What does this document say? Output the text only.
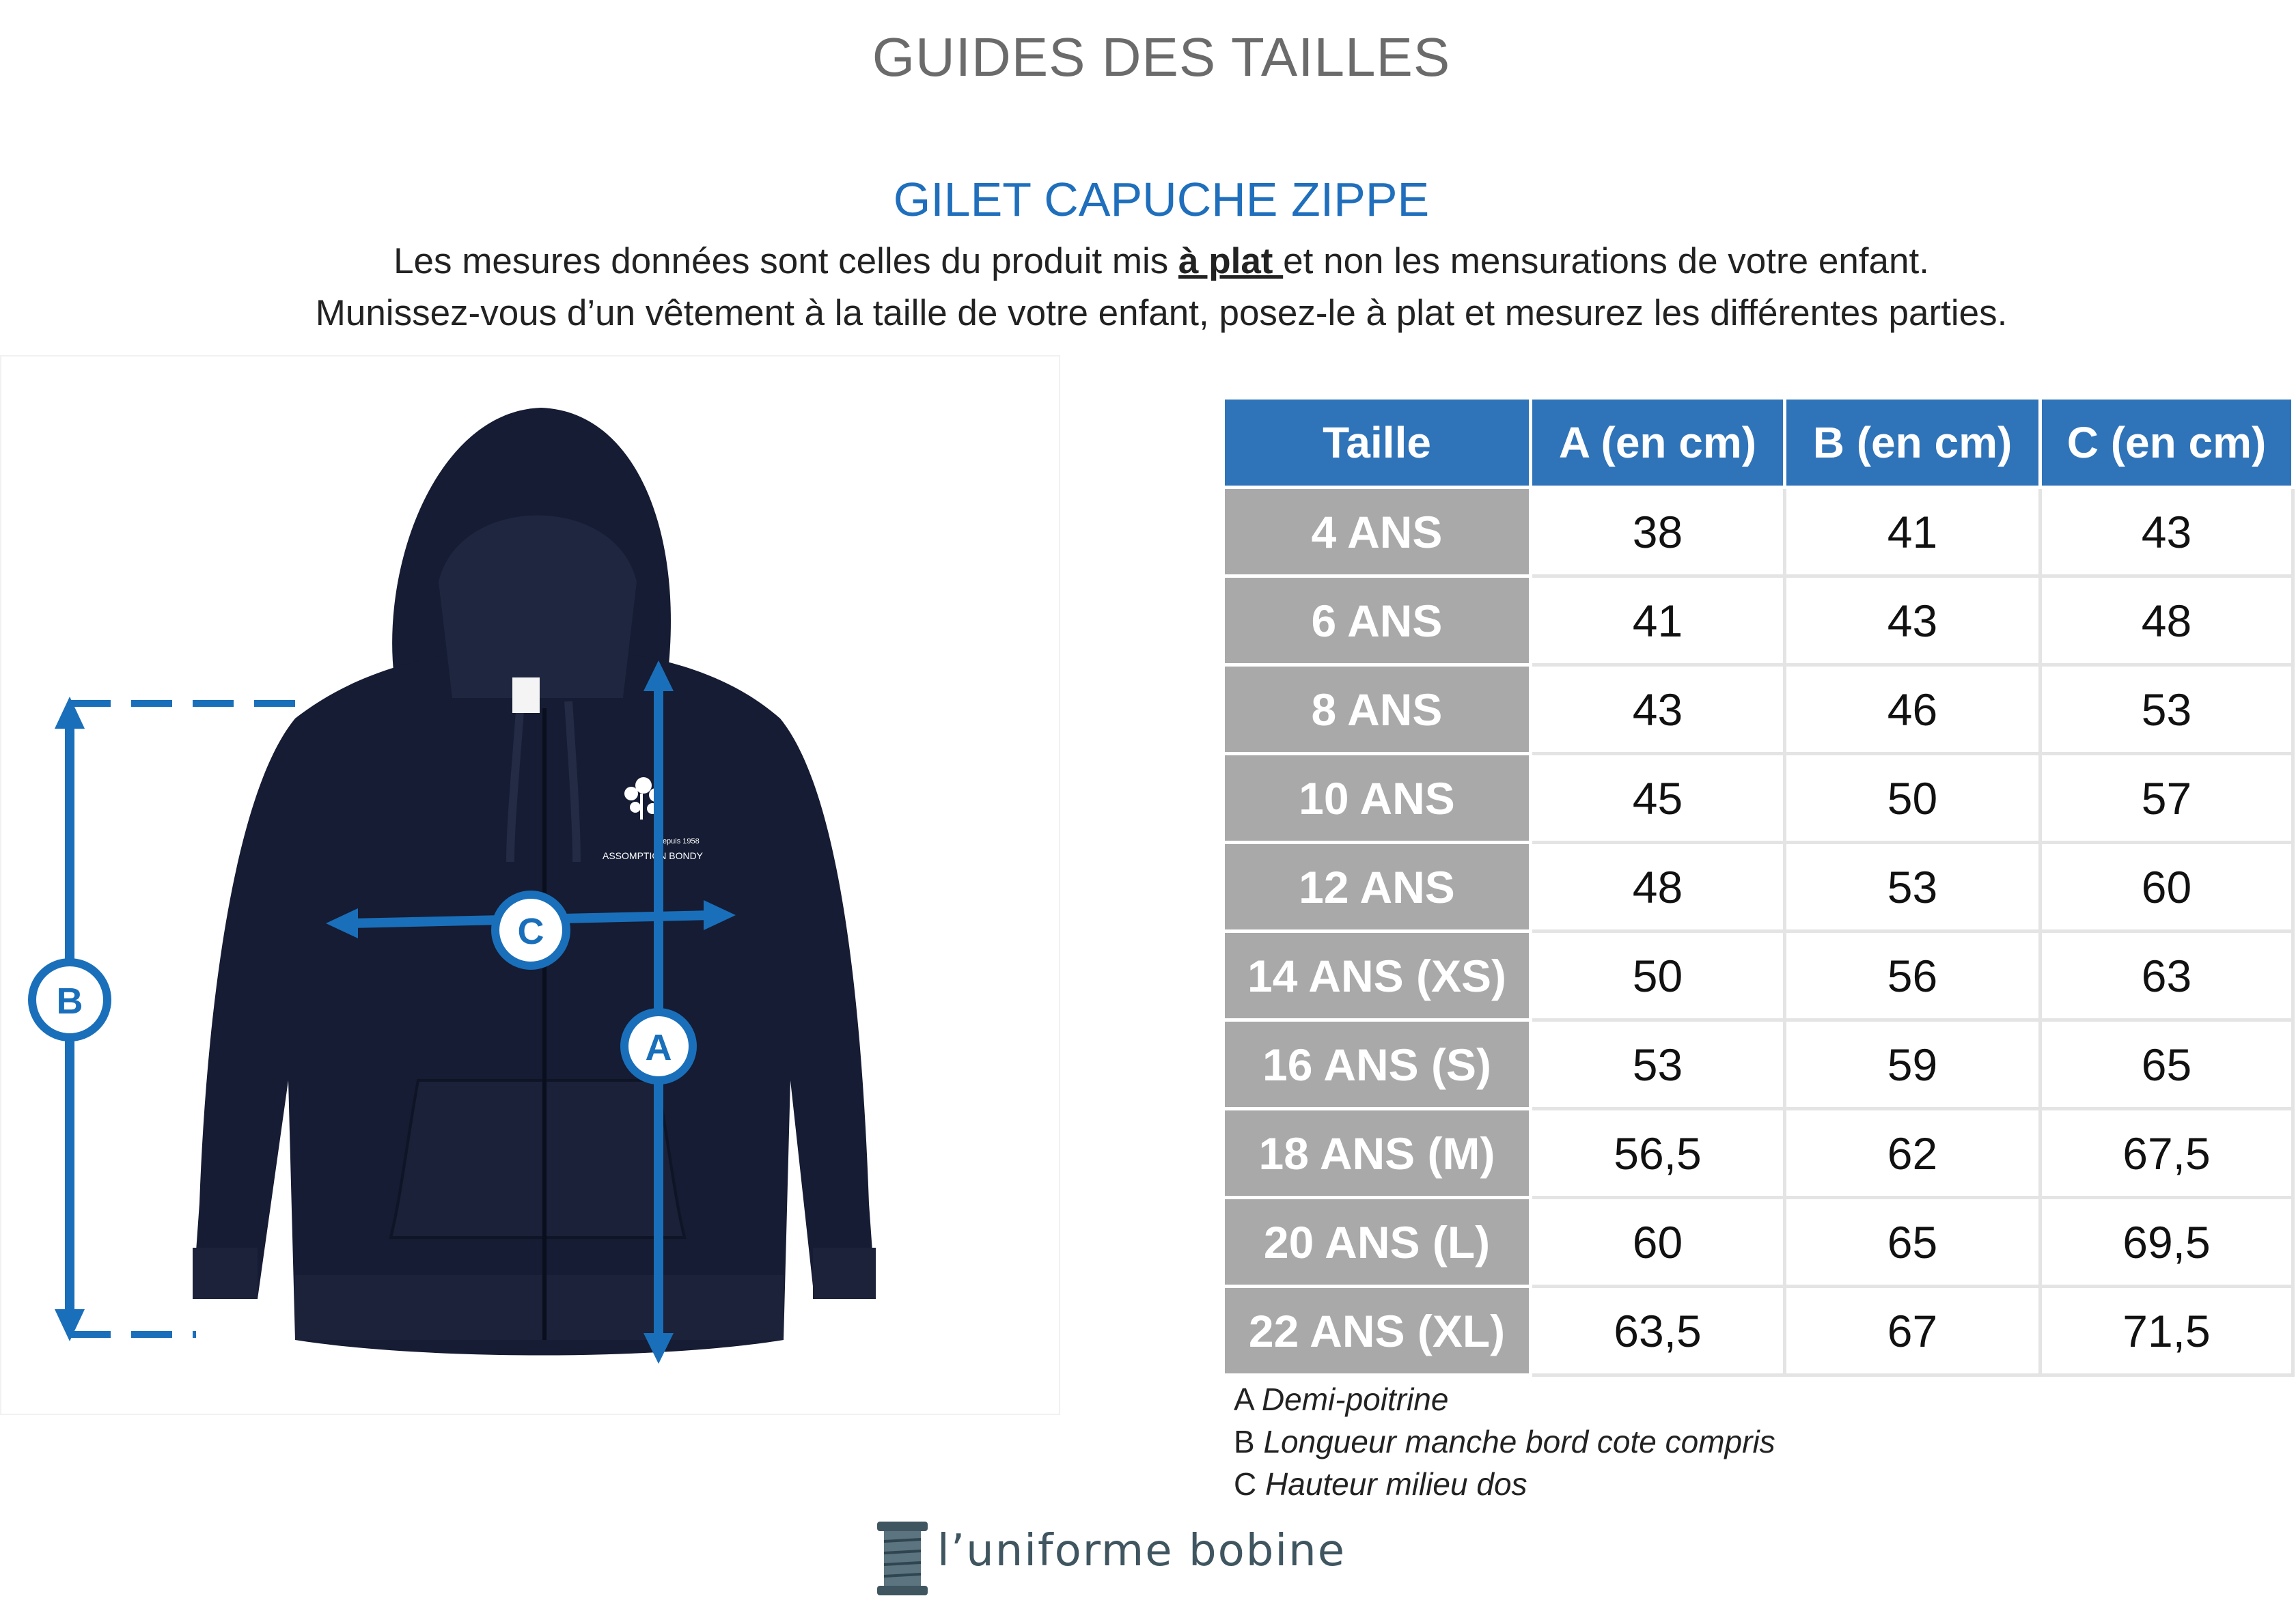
GUIDES DES TAILLES
GILET CAPUCHE ZIPPE
Les mesures données sont celles du produit mis à plat et non les mensurations de votre enfant.
Munissez-vous d’un vêtement à la taille de votre enfant, posez-le à plat et mesurez les différentes parties.
Depuis 1958
ASSOMPTION BONDY
B
A
C
Taille	A (en cm)	B (en cm)	C (en cm)
4 ANS	38	41	43
6 ANS	41	43	48
8 ANS	43	46	53
10 ANS	45	50	57
12 ANS	48	53	60
14 ANS (XS)	50	56	63
16 ANS (S)	53	59	65
18 ANS (M)	56,5	62	67,5
20 ANS (L)	60	65	69,5
22 ANS (XL)	63,5	67	71,5
A Demi-poitrine
B Longueur manche bord cote compris
C Hauteur milieu dos
l’uniforme bobine
